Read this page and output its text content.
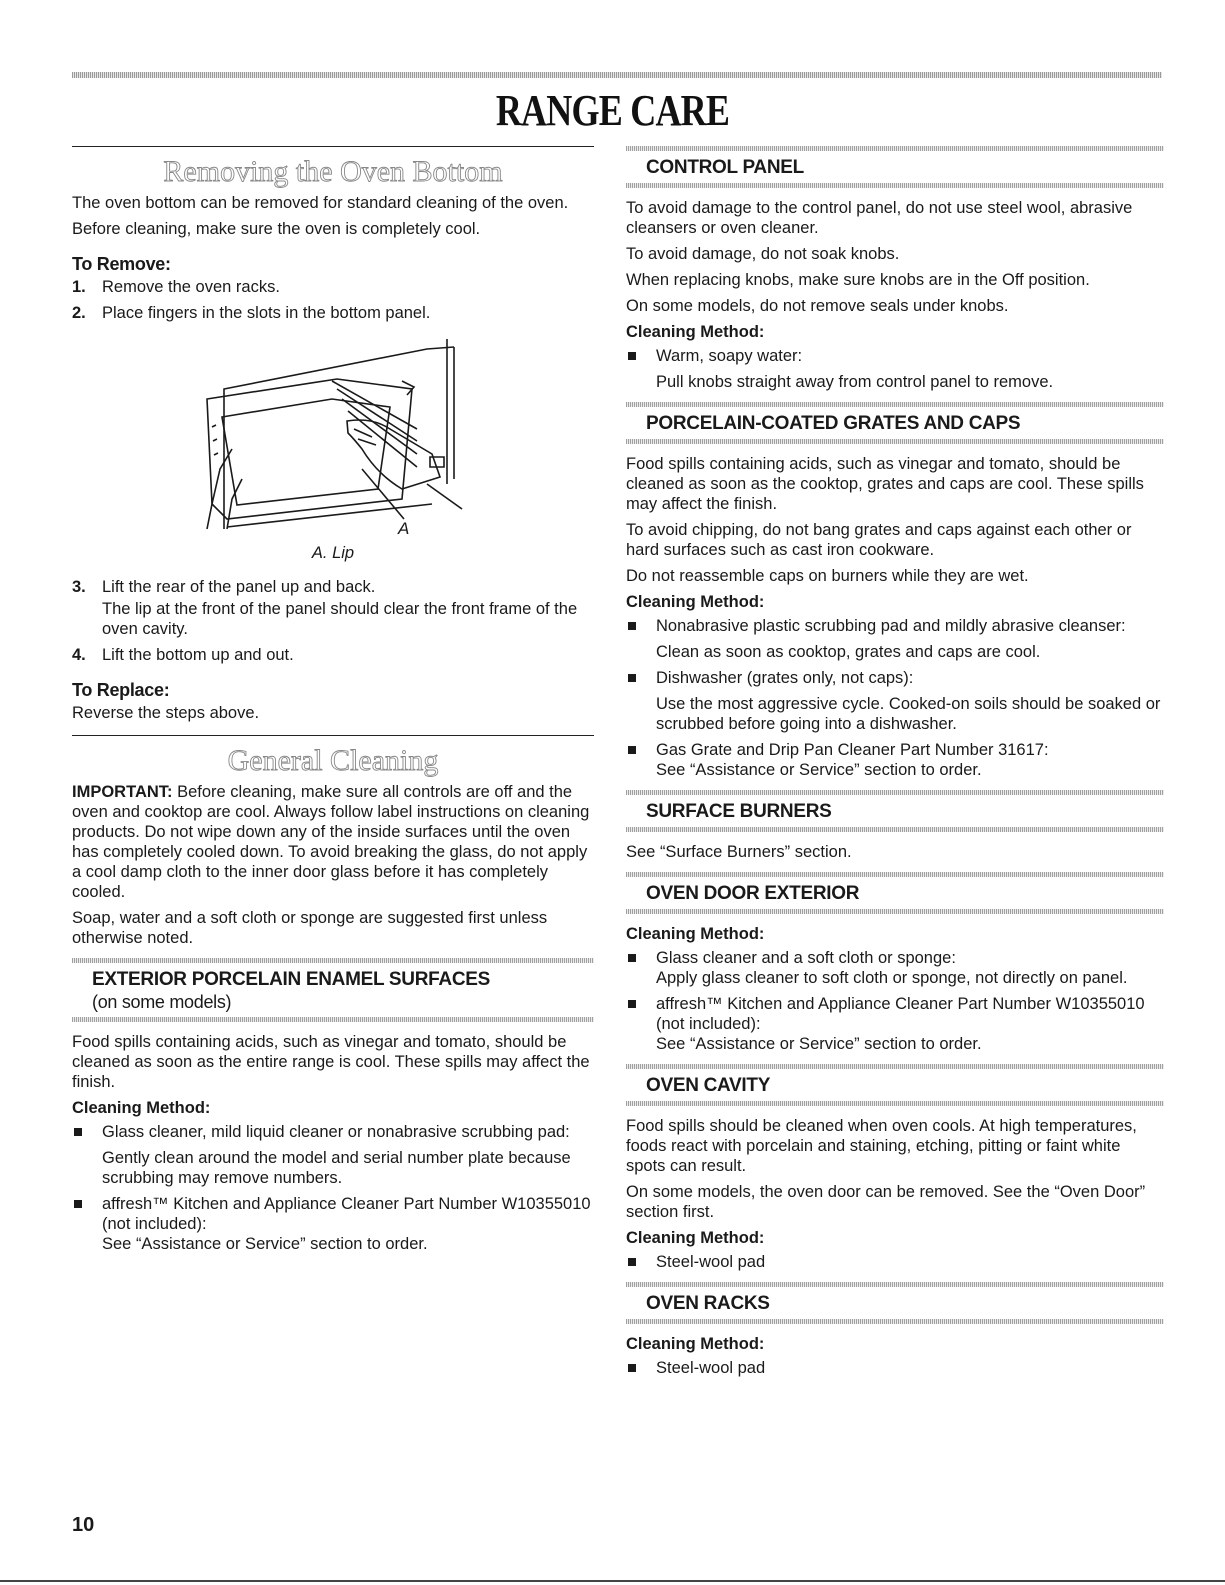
RANGE CARE
Removing the Oven Bottom

The oven bottom can be removed for standard cleaning of the oven.

Before cleaning, make sure the oven is completely cool.

To Remove:
1. Remove the oven racks.
2. Place fingers in the slots in the bottom panel.
A
A. Lip
3. Lift the rear of the panel up and back.
The lip at the front of the panel should clear the front frame of the oven cavity.
4. Lift the bottom up and out.
To Replace:

Reverse the steps above.

General Cleaning

IMPORTANT: Before cleaning, make sure all controls are off and the oven and cooktop are cool. Always follow label instructions on cleaning products. Do not wipe down any of the inside surfaces until the oven has completely cooled down. To avoid breaking the glass, do not apply a cool damp cloth to the inner door glass before it has completely cooled.

Soap, water and a soft cloth or sponge are suggested first unless otherwise noted.

EXTERIOR PORCELAIN ENAMEL SURFACES
(on some models)

Food spills containing acids, such as vinegar and tomato, should be cleaned as soon as the entire range is cool. These spills may affect the finish.

Cleaning Method:
Glass cleaner, mild liquid cleaner or nonabrasive scrubbing pad:
Gently clean around the model and serial number plate because scrubbing may remove numbers.
affresh™ Kitchen and Appliance Cleaner Part Number W10355010 (not included):
See “Assistance or Service” section to order.
CONTROL PANEL

To avoid damage to the control panel, do not use steel wool, abrasive cleansers or oven cleaner.

To avoid damage, do not soak knobs.

When replacing knobs, make sure knobs are in the Off position.

On some models, do not remove seals under knobs.

Cleaning Method:
Warm, soapy water:
Pull knobs straight away from control panel to remove.
PORCELAIN-COATED GRATES AND CAPS

Food spills containing acids, such as vinegar and tomato, should be cleaned as soon as the cooktop, grates and caps are cool. These spills may affect the finish.

To avoid chipping, do not bang grates and caps against each other or hard surfaces such as cast iron cookware.

Do not reassemble caps on burners while they are wet.

Cleaning Method:
Nonabrasive plastic scrubbing pad and mildly abrasive cleanser:
Clean as soon as cooktop, grates and caps are cool.
Dishwasher (grates only, not caps):
Use the most aggressive cycle. Cooked-on soils should be soaked or scrubbed before going into a dishwasher.
Gas Grate and Drip Pan Cleaner Part Number 31617:
See “Assistance or Service” section to order.
SURFACE BURNERS

See “Surface Burners” section.

OVEN DOOR EXTERIOR
Cleaning Method:
Glass cleaner and a soft cloth or sponge:
Apply glass cleaner to soft cloth or sponge, not directly on panel.
affresh™ Kitchen and Appliance Cleaner Part Number W10355010 (not included):
See “Assistance or Service” section to order.
OVEN CAVITY

Food spills should be cleaned when oven cools. At high temperatures, foods react with porcelain and staining, etching, pitting or faint white spots can result.

On some models, the oven door can be removed. See the “Oven Door” section first.

Cleaning Method:
Steel-wool pad
OVEN RACKS
Cleaning Method:
Steel-wool pad
10
